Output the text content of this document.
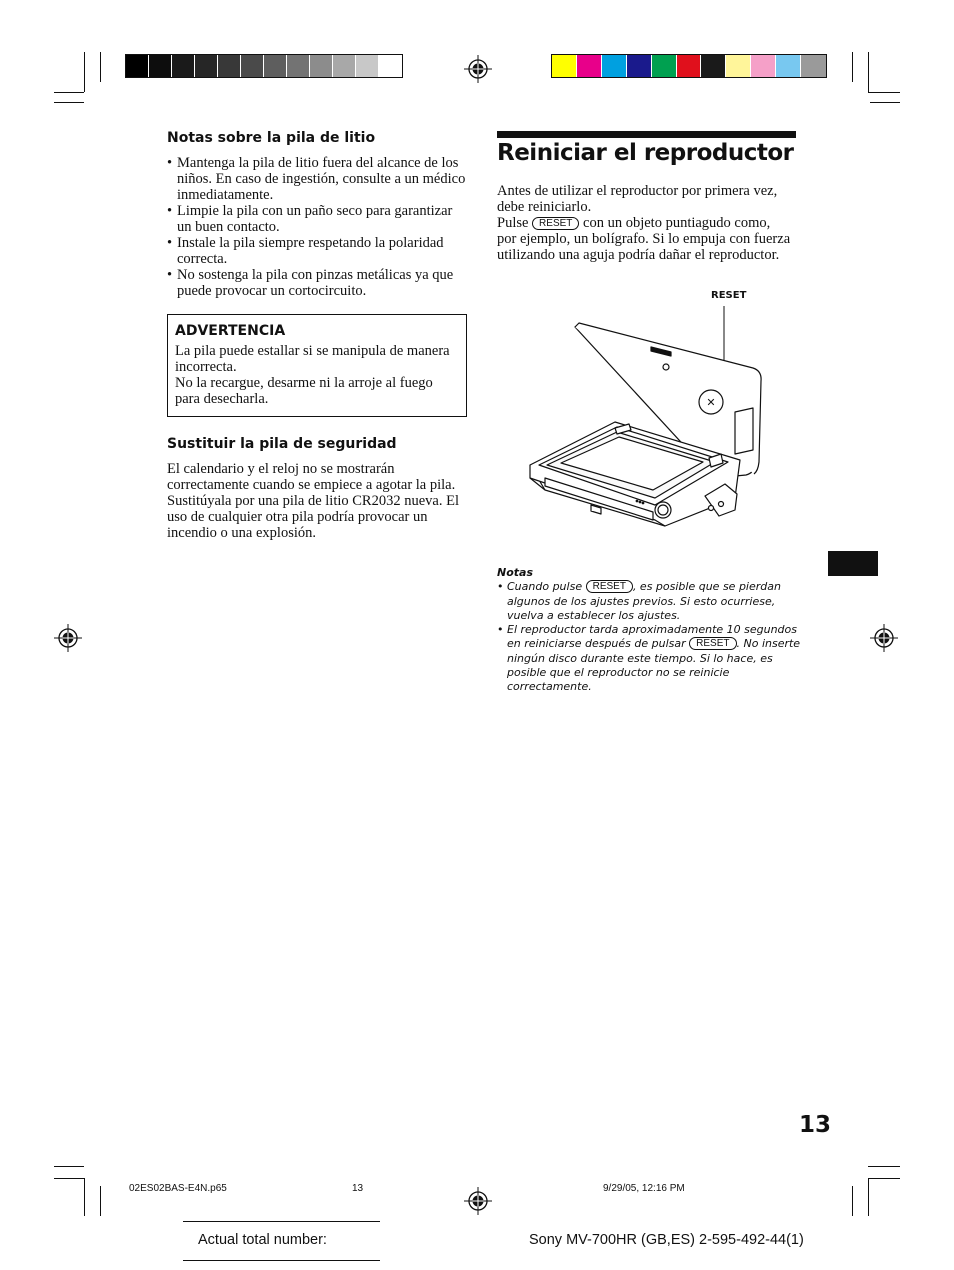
Notas sobre la pila de litio
• Mantenga la pila de litio fuera del alcance de los niños. En caso de ingestión, consulte a un médico inmediatamente.
• Limpie la pila con un paño seco para garantizar un buen contacto.
• Instale la pila siempre respetando la polaridad correcta.
• No sostenga la pila con pinzas metálicas ya que puede provocar un cortocircuito.
ADVERTENCIA
La pila puede estallar si se manipula de manera incorrecta.
No la recargue, desarme ni la arroje al fuego para desecharla.
Sustituir la pila de seguridad
El calendario y el reloj no se mostrarán correctamente cuando se empiece a agotar la pila. Sustitúyala por una pila de litio CR2032 nueva. El uso de cualquier otra pila podría provocar un incendio o una explosión.
Reiniciar el reproductor
Antes de utilizar el reproductor por primera vez, debe reiniciarlo.
Pulse RESET con un objeto puntiagudo como, por ejemplo, un bolígrafo. Si lo empuja con fuerza utilizando una aguja podría dañar el reproductor.
RESET
✕
Notas
• Cuando pulse RESET , es posible que se pierdan algunos de los ajustes previos. Si esto ocurriese, vuelva a establecer los ajustes.
• El reproductor tarda aproximadamente 10 segundos en reiniciarse después de pulsar RESET . No inserte ningún disco durante este tiempo. Si lo hace, es posible que el reproductor no se reinicie correctamente.
13
02ES02BAS-E4N.p65	13	9/29/05, 12:16 PM
Actual total number:	Sony MV-700HR (GB,ES) 2-595-492-44(1)
